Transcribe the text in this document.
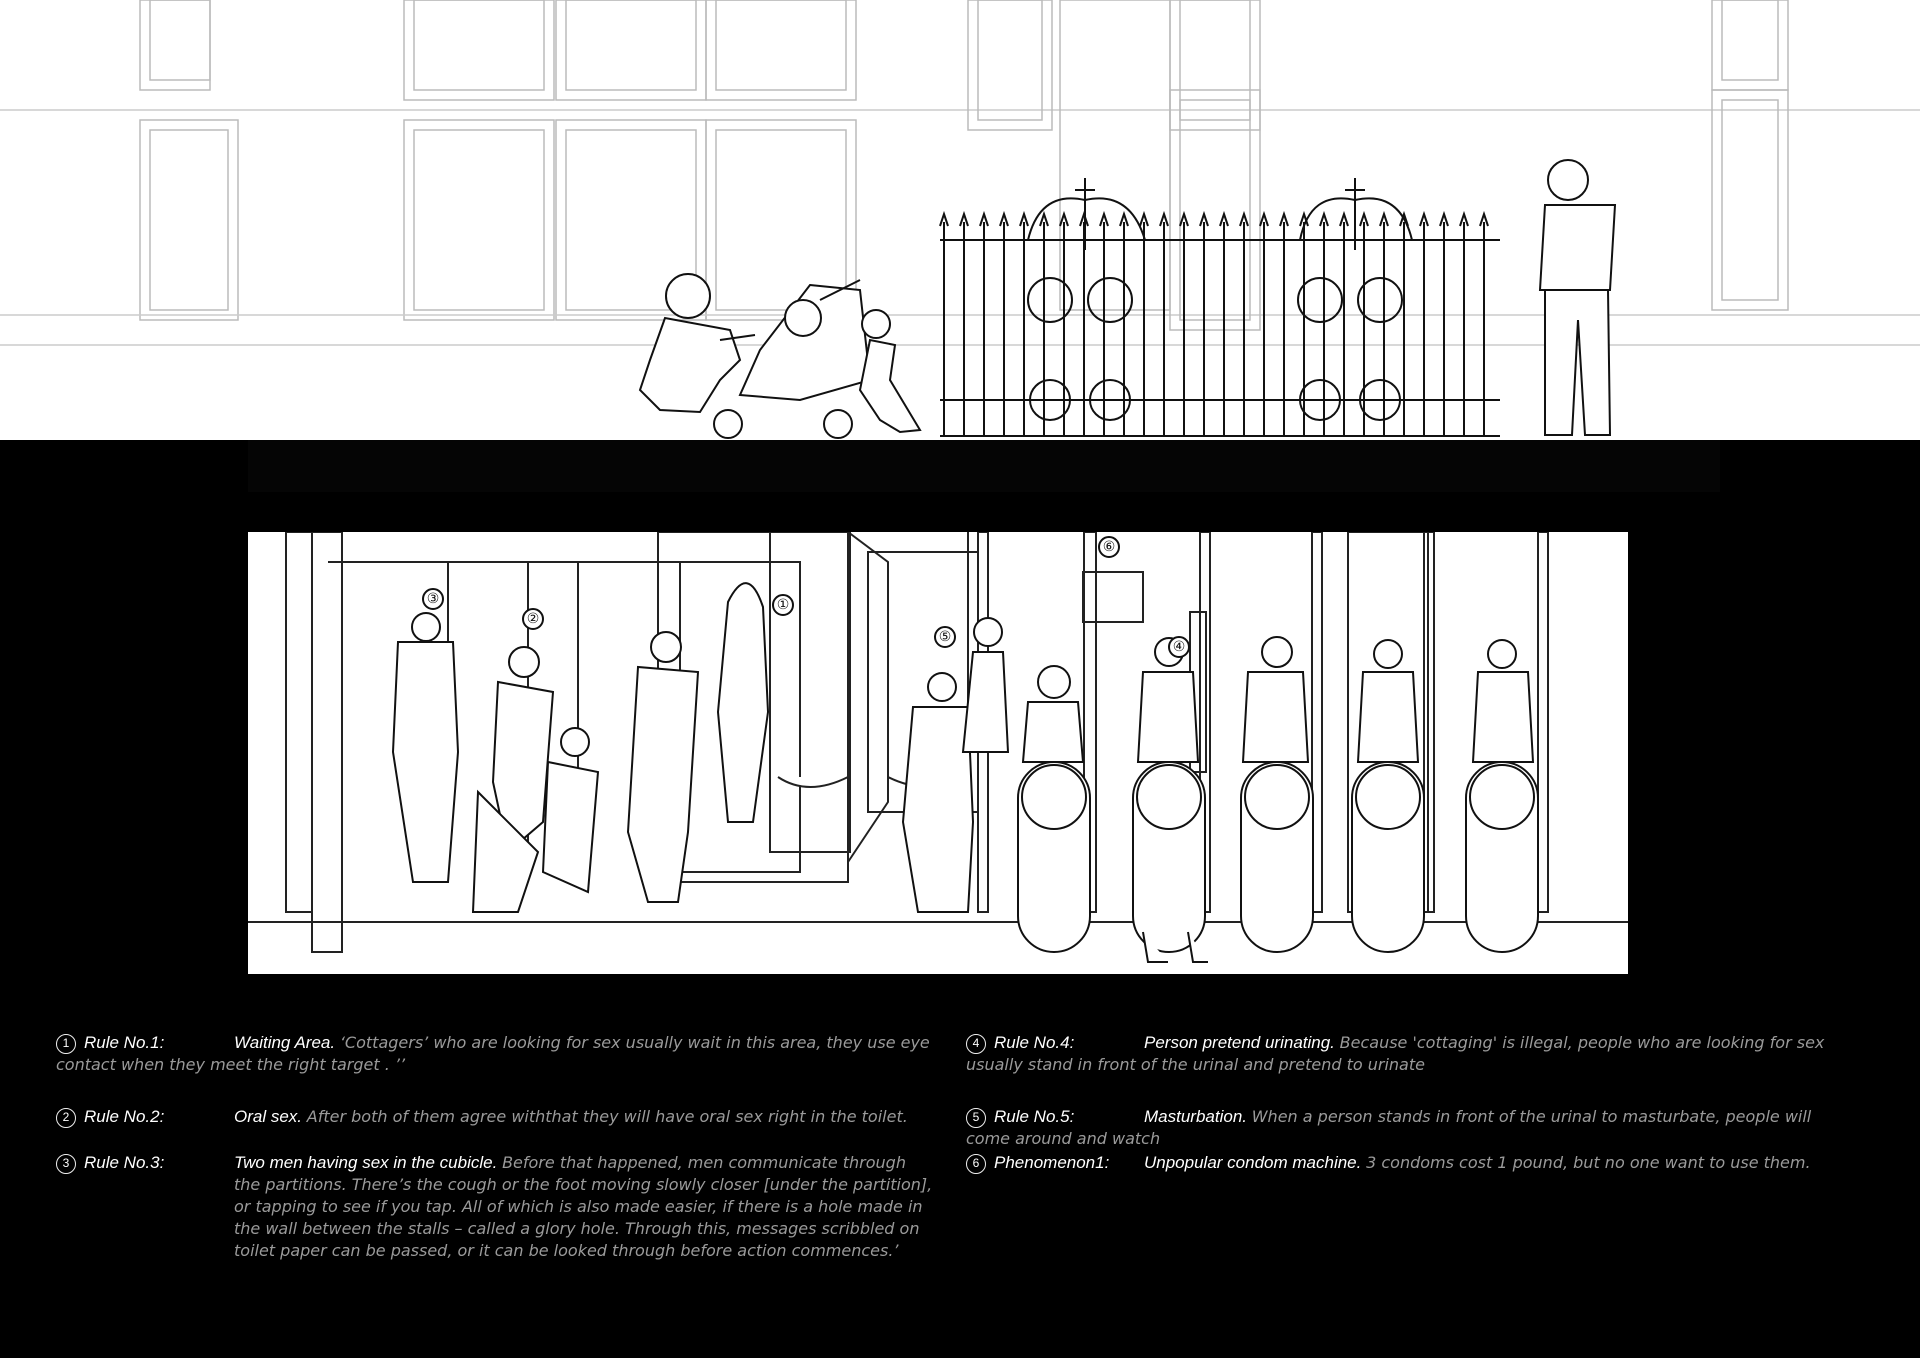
①
②
③
④
⑤
⑥
1 Rule No.1:	Waiting Area. ‘Cottagers’ who are looking for sex usually wait in this area, they use eye contact when they meet the right target . ’’
2 Rule No.2:	Oral sex. After both of them agree withthat they will have oral sex right in the toilet.
3 Rule No.3:	Two men having sex in the cubicle. Before that happened, men communicate through the partitions. There’s the cough or the foot moving slowly closer [under the partition], or tapping to see if you tap. All of which is also made easier, if there is a hole made in the wall between the stalls – called a glory hole. Through this, messages scribbled on toilet paper can be passed, or it can be looked through before action commences.’
4 Rule No.4:	Person pretend urinating. Because 'cottaging' is illegal, people who are looking for sex usually stand in front of the urinal and pretend to urinate
5 Rule No.5:	Masturbation. When a person stands in front of the urinal to masturbate, people will come around and watch
6 Phenomenon1: Unpopular condom machine. 3 condoms cost 1 pound, but no one want to use them.
